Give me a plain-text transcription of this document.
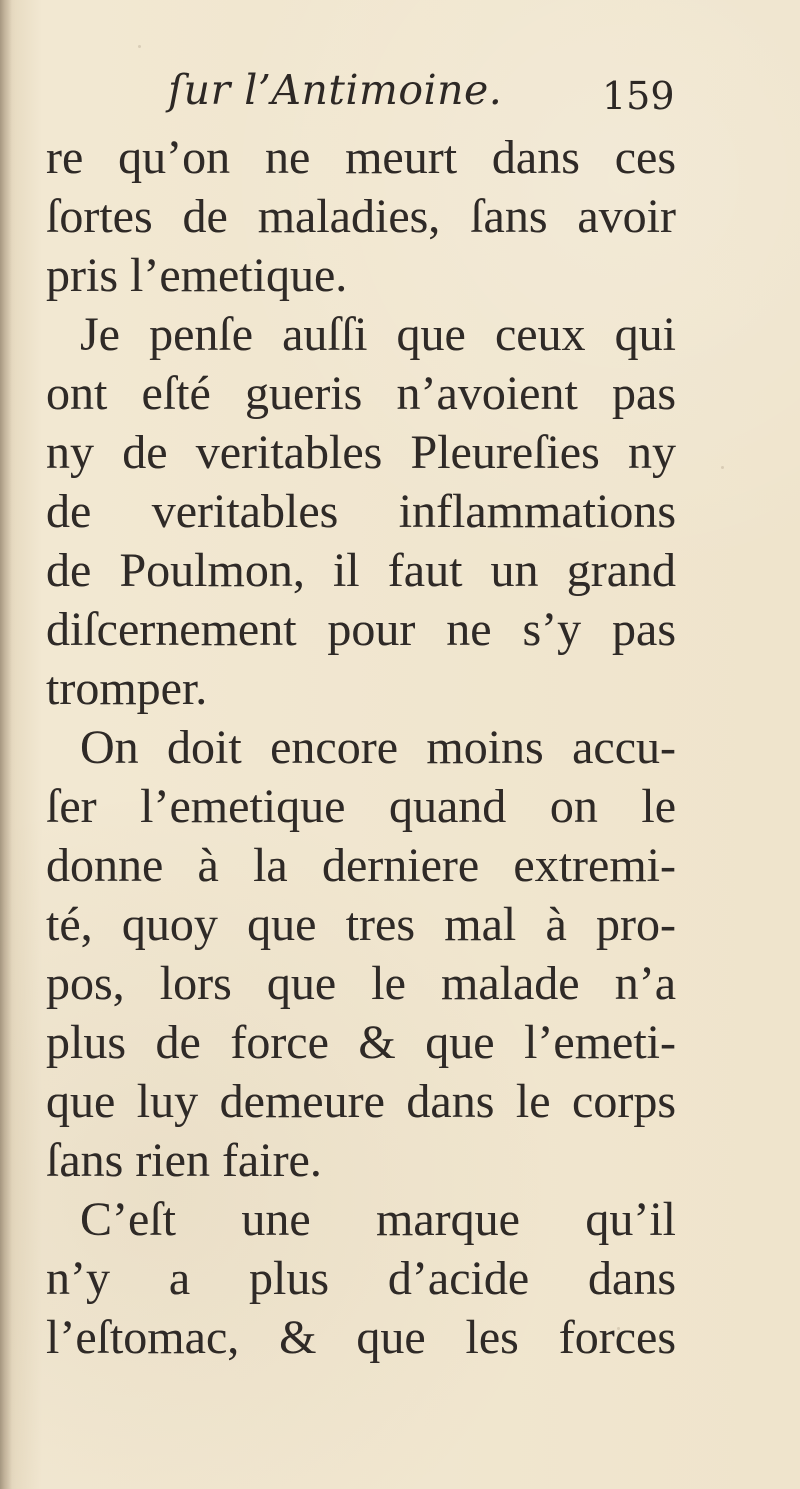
ſur l’Antimoine.	159
re qu’on ne meurt dans ces
ſortes de maladies, ſans avoir
pris l’emetique.
Je penſe auſſi que ceux qui
ont eſté gueris n’avoient pas
ny de veritables Pleureſies ny
de veritables inflammations
de Poulmon, il faut un grand
diſcernement pour ne s’y pas
tromper.
On doit encore moins accu-
ſer l’emetique quand on le
donne à la derniere extremi-
té, quoy que tres mal à pro-
pos, lors que le malade n’a
plus de force & que l’emeti-
que luy demeure dans le corps
ſans rien faire.
C’eſt une marque qu’il
n’y a plus d’acide dans
l’eſtomac, & que les forces
